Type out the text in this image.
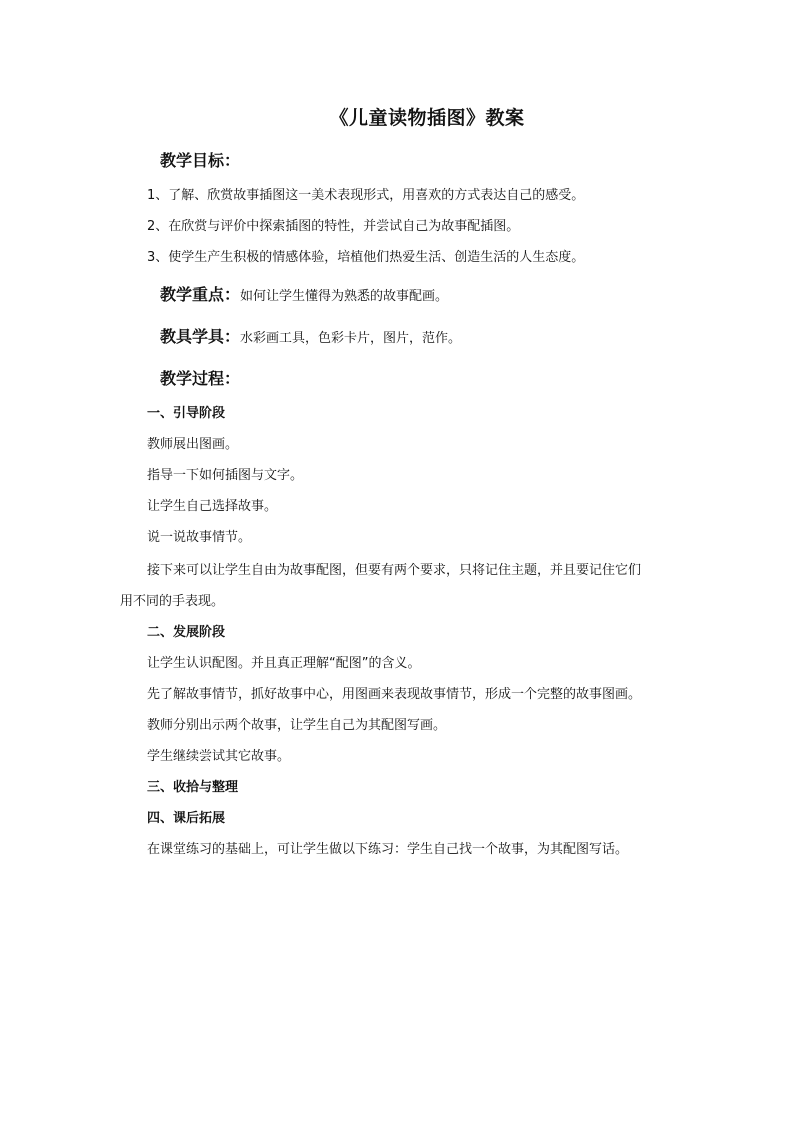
《儿童读物插图》教案
教学目标：
1、了解、欣赏故事插图这一美术表现形式，用喜欢的方式表达自己的感受。
2、在欣赏与评价中探索插图的特性，并尝试自己为故事配插图。
3、使学生产生积极的情感体验，培植他们热爱生活、创造生活的人生态度。
教学重点：如何让学生懂得为熟悉的故事配画。
教具学具：水彩画工具，色彩卡片，图片，范作。
教学过程：
一、引导阶段
教师展出图画。
指导一下如何插图与文字。
让学生自己选择故事。
说一说故事情节。
接下来可以让学生自由为故事配图，但要有两个要求，只将记住主题，并且要记住它们
用不同的手表现。
二、发展阶段
让学生认识配图。并且真正理解“配图”的含义。
先了解故事情节，抓好故事中心，用图画来表现故事情节，形成一个完整的故事图画。
教师分别出示两个故事，让学生自己为其配图写画。
学生继续尝试其它故事。
三、收拾与整理
四、课后拓展
在课堂练习的基础上，可让学生做以下练习：学生自己找一个故事，为其配图写话。
